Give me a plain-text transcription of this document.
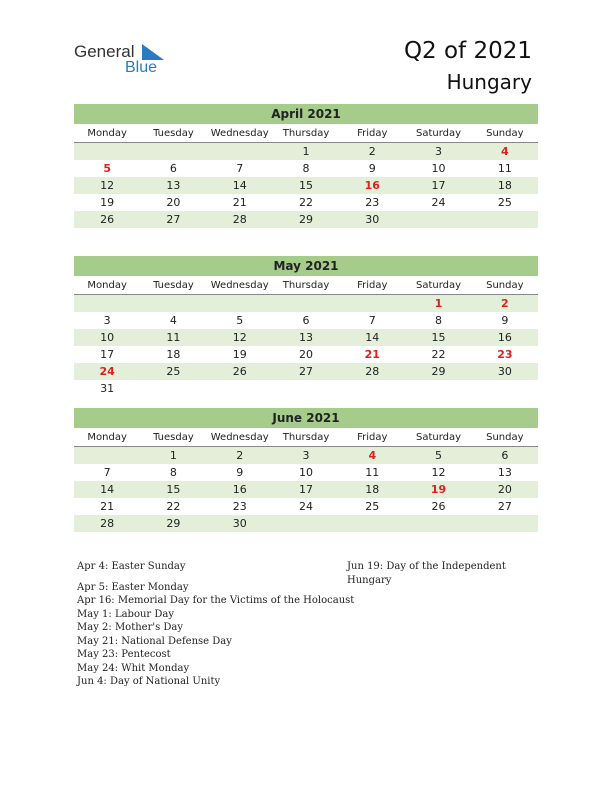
General
Blue
Q2 of 2021
Hungary
April 2021
Monday	Tuesday	Wednesday	Thursday	Friday	Saturday	Sunday
			1	2	3	4
5	6	7	8	9	10	11
12	13	14	15	16	17	18
19	20	21	22	23	24	25
26	27	28	29	30		
May 2021
Monday	Tuesday	Wednesday	Thursday	Friday	Saturday	Sunday
					1	2
3	4	5	6	7	8	9
10	11	12	13	14	15	16
17	18	19	20	21	22	23
24	25	26	27	28	29	30
31						
June 2021
Monday	Tuesday	Wednesday	Thursday	Friday	Saturday	Sunday
	1	2	3	4	5	6
7	8	9	10	11	12	13
14	15	16	17	18	19	20
21	22	23	24	25	26	27
28	29	30				
Apr 4: Easter Sunday
Apr 5: Easter Monday
Apr 16: Memorial Day for the Victims of the Holocaust
May 1: Labour Day
May 2: Mother's Day
May 21: National Defense Day
May 23: Pentecost
May 24: Whit Monday
Jun 4: Day of National Unity
Jun 19: Day of the Independent
Hungary
